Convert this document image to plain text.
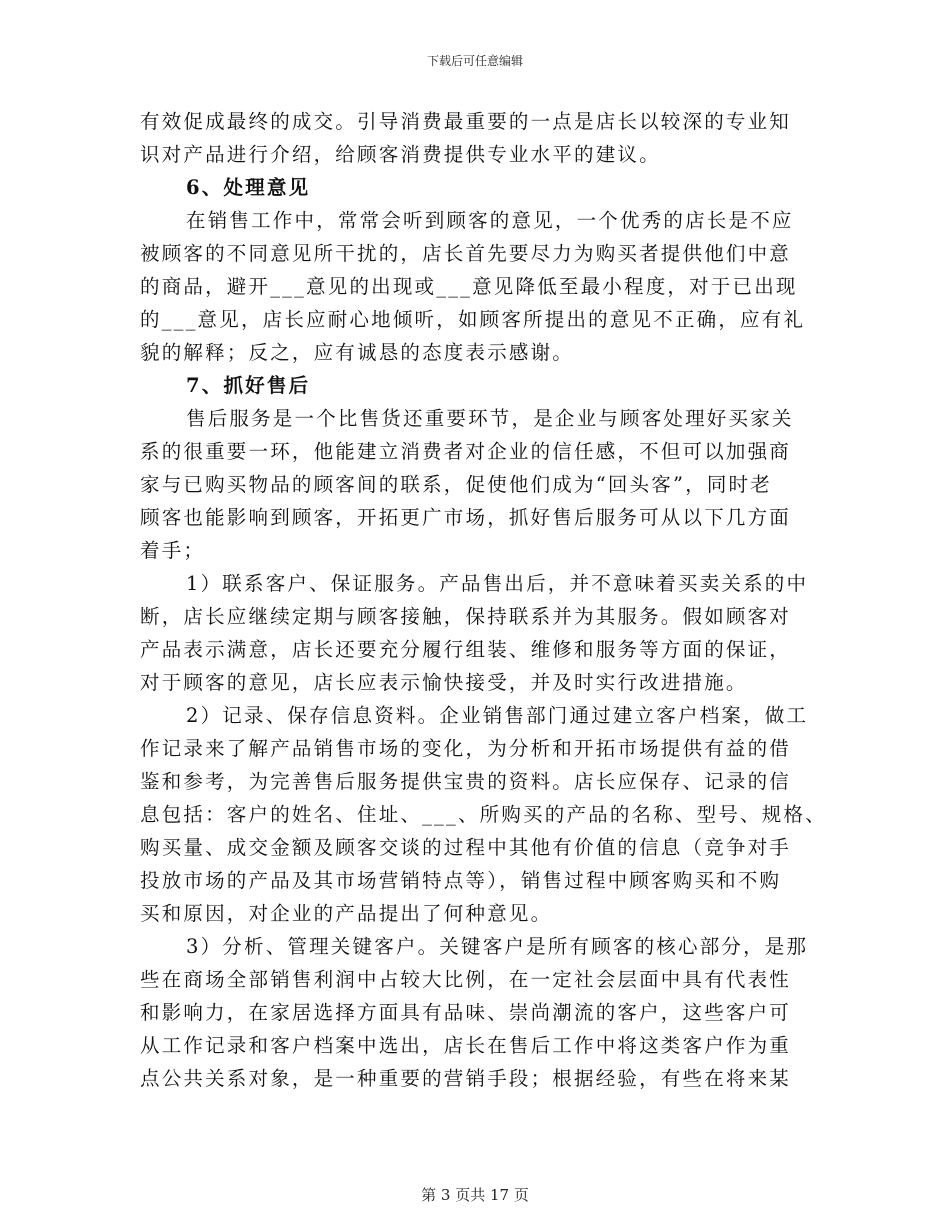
下载后可任意编辑
有效促成最终的成交。引导消费最重要的一点是店长以较深的专业知
识对产品进行介绍，给顾客消费提供专业水平的建议。
6、处理意见
在销售工作中，常常会听到顾客的意见，一个优秀的店长是不应
被顾客的不同意见所干扰的，店长首先要尽力为购买者提供他们中意
的商品，避开___意见的出现或___意见降低至最小程度，对于已出现
的___意见，店长应耐心地倾听，如顾客所提出的意见不正确，应有礼
貌的解释；反之，应有诚恳的态度表示感谢。
7、抓好售后
售后服务是一个比售货还重要环节，是企业与顾客处理好买家关
系的很重要一环，他能建立消费者对企业的信任感，不但可以加强商
家与已购买物品的顾客间的联系，促使他们成为“回头客”，同时老
顾客也能影响到顾客，开拓更广市场，抓好售后服务可从以下几方面
着手；
1）联系客户、保证服务。产品售出后，并不意味着买卖关系的中
断，店长应继续定期与顾客接触，保持联系并为其服务。假如顾客对
产品表示满意，店长还要充分履行组装、维修和服务等方面的保证，
对于顾客的意见，店长应表示愉快接受，并及时实行改进措施。
2）记录、保存信息资料。企业销售部门通过建立客户档案，做工
作记录来了解产品销售市场的变化，为分析和开拓市场提供有益的借
鉴和参考，为完善售后服务提供宝贵的资料。店长应保存、记录的信
息包括：客户的姓名、住址、___、所购买的产品的名称、型号、规格、
购买量、成交金额及顾客交谈的过程中其他有价值的信息（竞争对手
投放市场的产品及其市场营销特点等），销售过程中顾客购买和不购
买和原因，对企业的产品提出了何种意见。
3）分析、管理关键客户。关键客户是所有顾客的核心部分，是那
些在商场全部销售利润中占较大比例，在一定社会层面中具有代表性
和影响力，在家居选择方面具有品味、崇尚潮流的客户，这些客户可
从工作记录和客户档案中选出，店长在售后工作中将这类客户作为重
点公共关系对象，是一种重要的营销手段；根据经验，有些在将来某
第 3 页共 17 页
